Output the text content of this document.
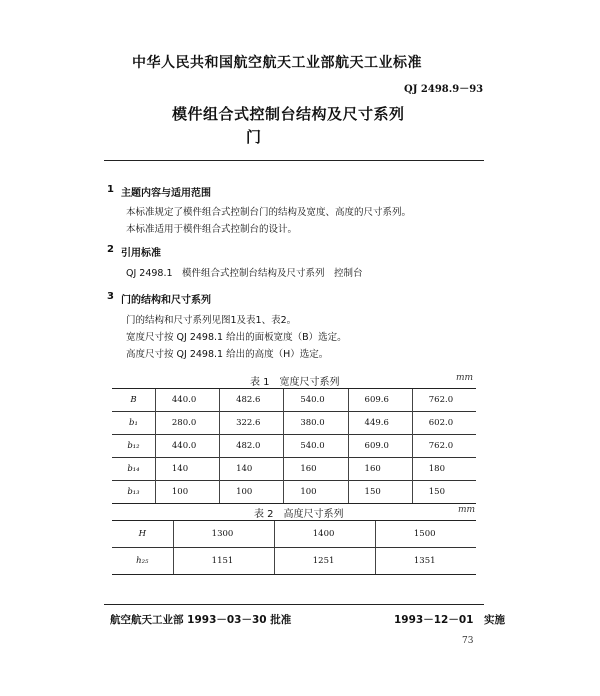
中华人民共和国航空航天工业部航天工业标准
QJ 2498.9－93
模件组合式控制台结构及尺寸系列
门
1 主题内容与适用范围
本标准规定了模件组合式控制台门的结构及宽度、高度的尺寸系列。
本标准适用于模件组合式控制台的设计。
2 引用标准
QJ 2498.1　模件组合式控制台结构及尺寸系列　控制台
3 门的结构和尺寸系列
门的结构和尺寸系列见图1及表1、表2。
宽度尺寸按 QJ 2498.1 给出的面板宽度（B）选定。
高度尺寸按 QJ 2498.1 给出的高度（H）选定。
表 1　宽度尺寸系列	mm
B	440.0	482.6	540.0	609.6	762.0
b₁	280.0	322.6	380.0	449.6	602.0
b₁₂	440.0	482.0	540.0	609.0	762.0
b₁₄	140	140	160	160	180
b₁₃	100	100	100	150	150
表 2　高度尺寸系列	mm
H	1300	1400	1500
h₂₅	1151	1251	1351
航空航天工业部 1993－03－30 批准	1993－12－01　实施
73
